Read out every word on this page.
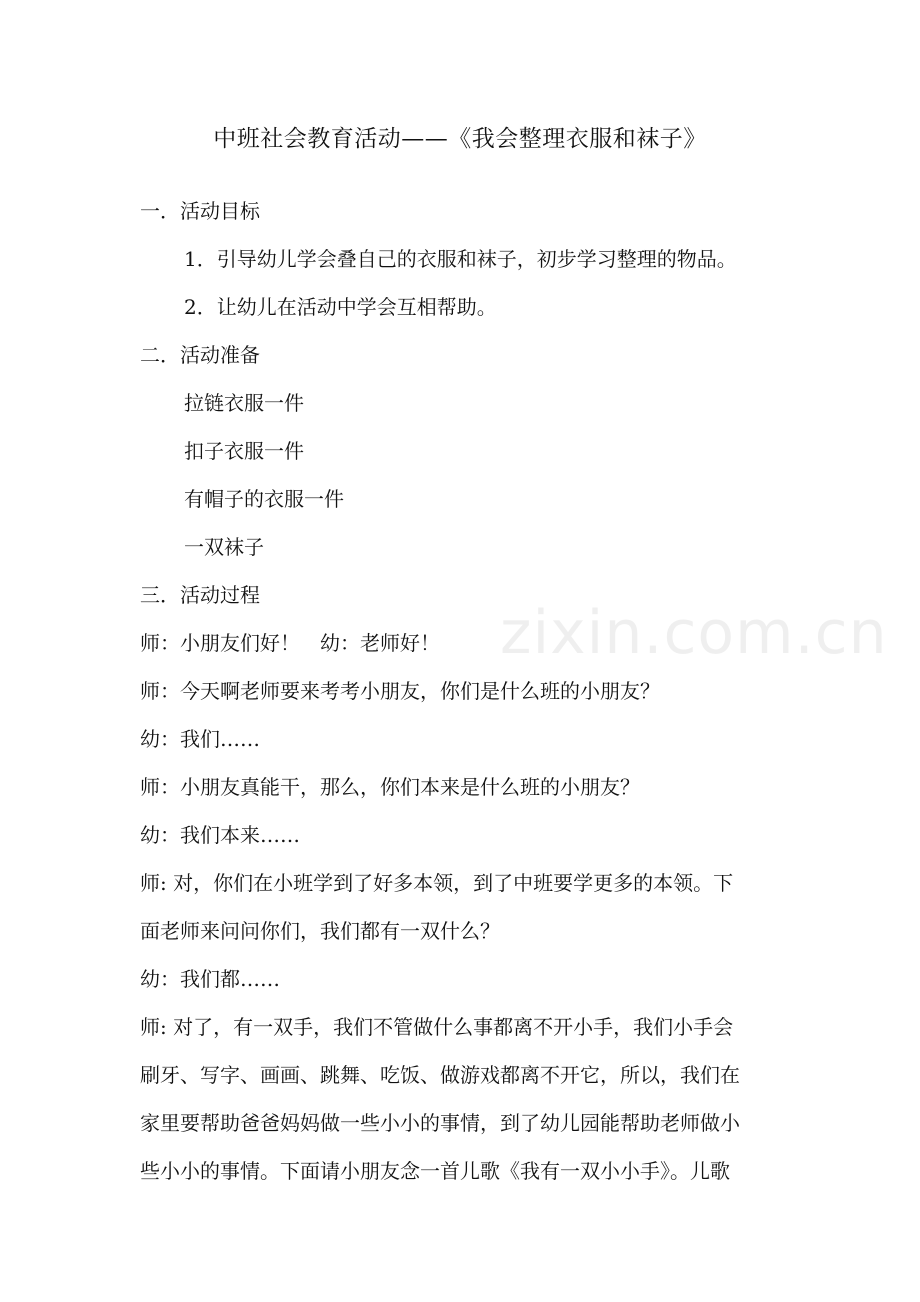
zixin.com.cn
中班社会教育活动——《我会整理衣服和袜子》
一．活动目标
1．引导幼儿学会叠自己的衣服和袜子，初步学习整理的物品。
2．让幼儿在活动中学会互相帮助。
二．活动准备
拉链衣服一件
扣子衣服一件
有帽子的衣服一件
一双袜子
三．活动过程
师：小朋友们好！　幼：老师好！
师：今天啊老师要来考考小朋友，你们是什么班的小朋友？
幼：我们……
师：小朋友真能干，那么，你们本来是什么班的小朋友？
幼：我们本来……
师: 对，你们在小班学到了好多本领，到了中班要学更多的本领。下
面老师来问问你们，我们都有一双什么？
幼：我们都……
师: 对了，有一双手，我们不管做什么事都离不开小手，我们小手会
刷牙、写字、画画、跳舞、吃饭、做游戏都离不开它，所以，我们在
家里要帮助爸爸妈妈做一些小小的事情，到了幼儿园能帮助老师做小
些小小的事情。下面请小朋友念一首儿歌《我有一双小小手》。儿歌
